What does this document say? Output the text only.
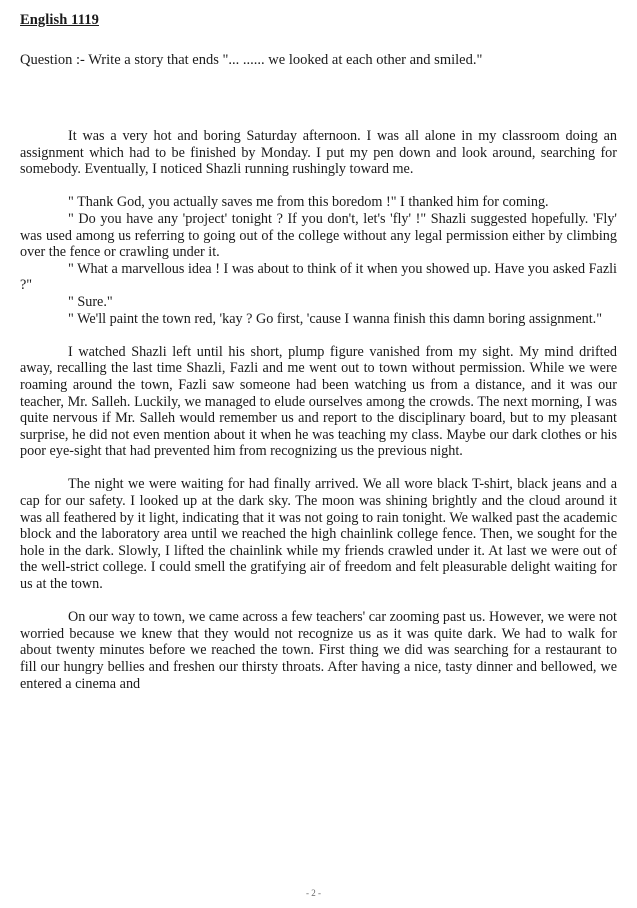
English 1119
Question :- Write a story that ends "... ...... we looked at each other and smiled."

It was a very hot and boring Saturday afternoon. I was all alone in my classroom doing an assignment which had to be finished by Monday. I put my pen down and look around, searching for somebody. Eventually, I noticed Shazli running rushingly toward me.

" Thank God, you actually saves me from this boredom !" I thanked him for coming.

" Do you have any 'project' tonight ? If you don't, let's 'fly' !" Shazli suggested hopefully. 'Fly' was used among us referring to going out of the college without any legal permission either by climbing over the fence or crawling under it.

" What a marvellous idea ! I was about to think of it when you showed up. Have you asked Fazli ?"

" Sure."

" We'll paint the town red, 'kay ? Go first, 'cause I wanna finish this damn boring assignment."

I watched Shazli left until his short, plump figure vanished from my sight. My mind drifted away, recalling the last time Shazli, Fazli and me went out to town without permission. While we were roaming around the town, Fazli saw someone had been watching us from a distance, and it was our teacher, Mr. Salleh. Luckily, we managed to elude ourselves among the crowds. The next morning, I was quite nervous if Mr. Salleh would remember us and report to the disciplinary board, but to my pleasant surprise, he did not even mention about it when he was teaching my class. Maybe our dark clothes or his poor eye-sight that had prevented him from recognizing us the previous night.

The night we were waiting for had finally arrived. We all wore black T-shirt, black jeans and a cap for our safety. I looked up at the dark sky. The moon was shining brightly and the cloud around it was all feathered by it light, indicating that it was not going to rain tonight. We walked past the academic block and the laboratory area until we reached the high chainlink college fence. Then, we sought for the hole in the dark. Slowly, I lifted the chainlink while my friends crawled under it. At last we were out of the well-strict college. I could smell the gratifying air of freedom and felt pleasurable delight waiting for us at the town.

On our way to town, we came across a few teachers' car zooming past us. However, we were not worried because we knew that they would not recognize us as it was quite dark. We had to walk for about twenty minutes before we reached the town. First thing we did was searching for a restaurant to fill our hungry bellies and freshen our thirsty throats. After having a nice, tasty dinner and bellowed, we entered a cinema and

- 2 -
